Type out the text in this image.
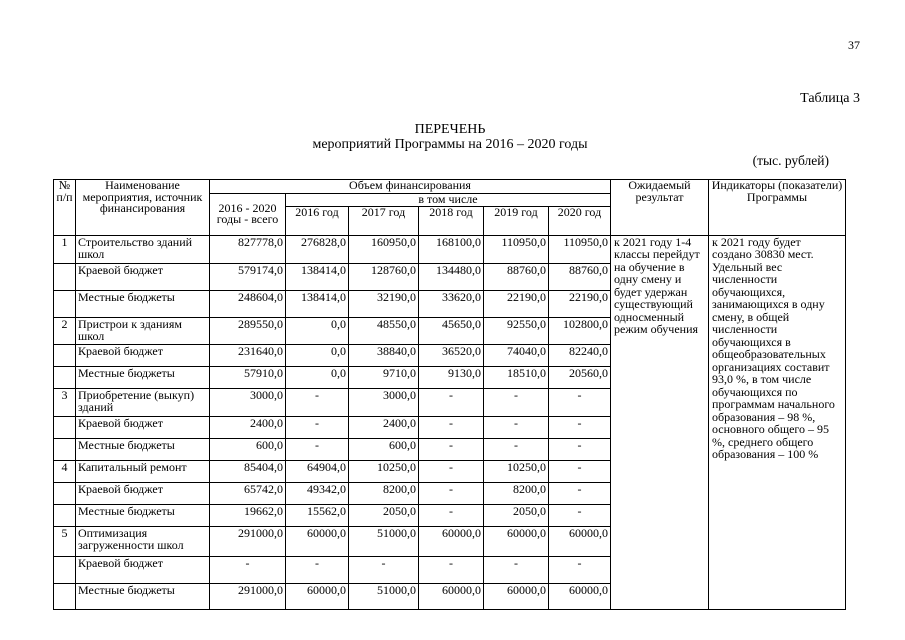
37
Таблица 3
ПЕРЕЧЕНЬ
мероприятий Программы на 2016 – 2020 годы
(тыс. рублей)
№ п/п	Наименование мероприятия, источник финансирования	Объем финансирования						Ожидаемый результат	Индикаторы (показатели) Программы
		2016 - 2020 годы - всего	в том числе						
			2016 год	2017 год	2018 год	2019 год	2020 год		

1	Строительство зданий школ	827778,0	276828,0	160950,0	168100,0	110950,0	110950,0	к 2021 году 1-4 классы перейдут на обучение в одну смену и будет удержан существующий односменный режим обучения	к 2021 году будет создано 30830 мест. Удельный вес численности обучающихся, занимающихся в одну смену, в общей численности обучающихся в общеобразовательных организациях составит 93,0 %, в том числе обучающихся по программам начального образования – 98 %, основного общего – 95 %, среднего общего образования – 100 %
	Краевой бюджет	579174,0	138414,0	128760,0	134480,0	88760,0	88760,0		
	Местные бюджеты	248604,0	138414,0	32190,0	33620,0	22190,0	22190,0		
2	Пристрои к зданиям школ	289550,0	0,0	48550,0	45650,0	92550,0	102800,0		
	Краевой бюджет	231640,0	0,0	38840,0	36520,0	74040,0	82240,0		
	Местные бюджеты	57910,0	0,0	9710,0	9130,0	18510,0	20560,0		
3	Приобретение (выкуп) зданий	3000,0	-	3000,0	-	-	-		
	Краевой бюджет	2400,0	-	2400,0	-	-	-		
	Местные бюджеты	600,0	-	600,0	-	-	-		
4	Капитальный ремонт	85404,0	64904,0	10250,0	-	10250,0	-		
	Краевой бюджет	65742,0	49342,0	8200,0	-	8200,0	-		
	Местные бюджеты	19662,0	15562,0	2050,0	-	2050,0	-		
5	Оптимизация загруженности школ	291000,0	60000,0	51000,0	60000,0	60000,0	60000,0		
	Краевой бюджет	-	-	-	-	-	-		
	Местные бюджеты	291000,0	60000,0	51000,0	60000,0	60000,0	60000,0		
